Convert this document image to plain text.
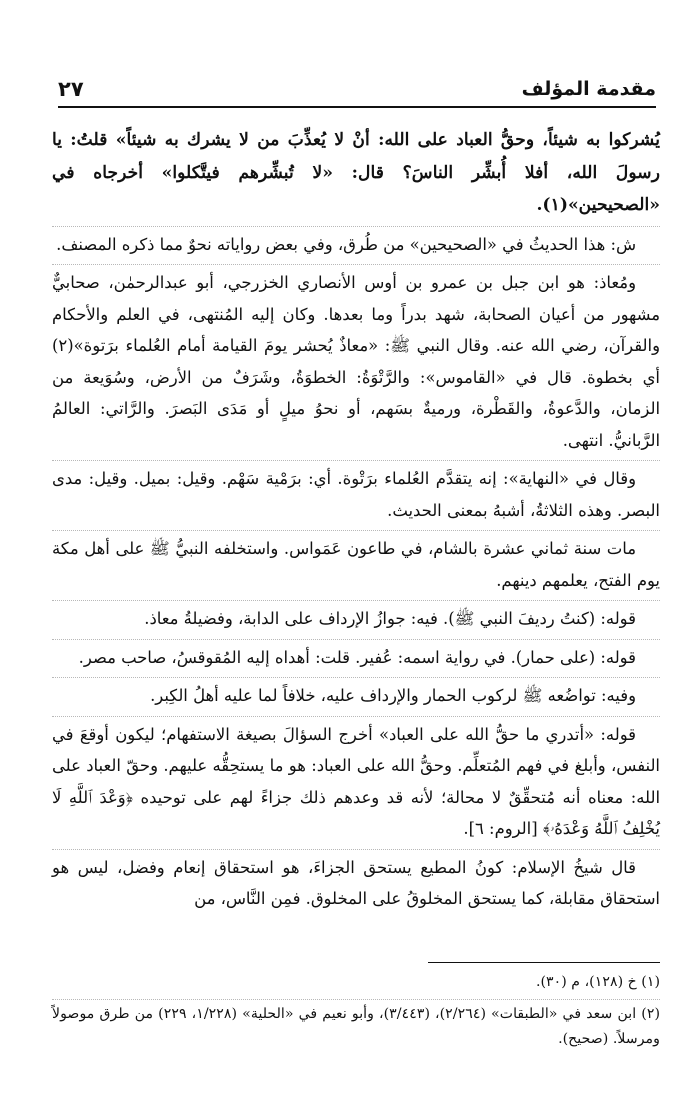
مقدمة المؤلف
٢٧

يُشركوا به شيئاً، وحقُّ العباد على الله: أنْ لا يُعذِّبَ من لا يشرك به شيئاً» قلتُ: يا رسولَ الله، أفلا أُبشِّر الناسَ؟ قال: «لا تُبشِّرهم فيتَّكلوا» أخرجاه في «الصحيحين»(١).

ش: هذا الحديثُ في «الصحيحين» من طُرق، وفي بعض رواياته نحوٌ مما ذكره المصنف.

ومُعاذ: هو ابن جبل بن عمرو بن أوس الأنصاري الخزرجي، أبو عبدالرحمٰن، صحابيٌّ مشهور من أعيان الصحابة، شهد بدراً وما بعدها. وكان إليه المُنتهى، في العلم والأحكام والقرآن، رضي الله عنه. وقال النبي ﷺ: «معاذٌ يُحشر يومَ القيامة أمام العُلماء برَتوة»(٢) أي بخطوة. قال في «القاموس»: والرَّتْوَةُ: الخطوَةُ، وشَرَفٌ من الأرض، وسُوَيعة من الزمان، والدَّعوةُ، والقَطْرة، ورميةٌ بسَهم، أو نحوُ ميلٍ أو مَدَى البَصرَ. والرَّاتي: العالمُ الرَّبانيُّ. انتهى.

وقال في «النهاية»: إنه يتقدَّم العُلماء برَتْوة. أي: برَمْية سَهْم. وقيل: بميل. وقيل: مدى البصر. وهذه الثلاثةُ، أشبهُ بمعنى الحديث.

مات سنة ثماني عشرة بالشام، في طاعون عَمَواس. واستخلفه النبيُّ ﷺ على أهل مكة يوم الفتح، يعلمهم دينهم.

قوله: (كنتُ رديفَ النبي ﷺ). فيه: جوازُ الإرداف على الدابة، وفضيلةُ معاذ.

قوله: (على حمار). في رواية اسمه: عُفير. قلت: أهداه إليه المُقوقسُ، صاحب مصر.

وفيه: تواضُعه ﷺ لركوب الحمار والإرداف عليه، خلافاً لما عليه أهلُ الكِبر.

قوله: «أتدري ما حقُّ الله على العباد» أخرج السؤالَ بصيغة الاستفهام؛ ليكون أوقعَ في النفس، وأبلغ في فهم المُتعلِّم. وحقُّ الله على العباد: هو ما يستحِقُّه عليهم. وحقّ العباد على الله: معناه أنه مُتحقِّقٌ لا محالة؛ لأنه قد وعدهم ذلك جزاءً لهم على توحيده ﴿وَعْدَ ٱللَّهِ لَا يُخْلِفُ ٱللَّهُ وَعْدَهُۥ﴾ [الروم: ٦].

قال شيخُ الإسلام: كونُ المطيع يستحق الجزاءَ، هو استحقاق إنعام وفضل، ليس هو استحقاق مقابلة، كما يستحق المخلوقُ على المخلوق. فمِن النَّاس، من

(١) خ (١٢٨)، م (٣٠).

(٢) ابن سعد في «الطبقات» (٢/٢٦٤)، (٣/٤٤٣)، وأبو نعيم في «الحلية» (١/٢٢٨، ٢٢٩) من طرق موصولاً ومرسلاً. (صحيح).
